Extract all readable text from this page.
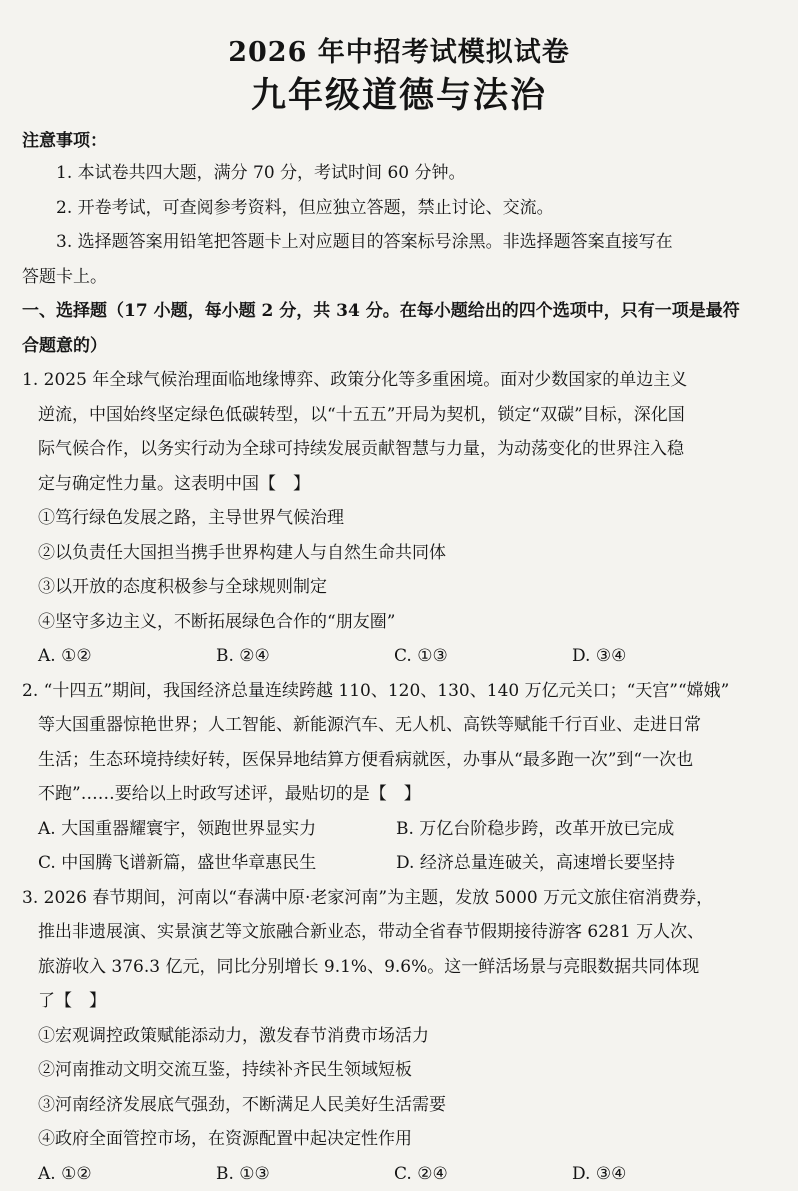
2026 年中招考试模拟试卷
九年级道德与法治
注意事项：
1. 本试卷共四大题，满分 70 分，考试时间 60 分钟。
2. 开卷考试，可查阅参考资料，但应独立答题，禁止讨论、交流。
3. 选择题答案用铅笔把答题卡上对应题目的答案标号涂黑。非选择题答案直接写在
答题卡上。
一、选择题（17 小题，每小题 2 分，共 34 分。在每小题给出的四个选项中，只有一项是最符
合题意的）
1. 2025 年全球气候治理面临地缘博弈、政策分化等多重困境。面对少数国家的单边主义
逆流，中国始终坚定绿色低碳转型，以“十五五”开局为契机，锁定“双碳”目标，深化国
际气候合作，以务实行动为全球可持续发展贡献智慧与力量，为动荡变化的世界注入稳
定与确定性力量。这表明中国【　】
①笃行绿色发展之路，主导世界气候治理
②以负责任大国担当携手世界构建人与自然生命共同体
③以开放的态度积极参与全球规则制定
④坚守多边主义，不断拓展绿色合作的“朋友圈”
A. ①②	B. ②④	C. ①③	D. ③④
2. “十四五”期间，我国经济总量连续跨越 110、120、130、140 万亿元关口；“天宫”“嫦娥”
等大国重器惊艳世界；人工智能、新能源汽车、无人机、高铁等赋能千行百业、走进日常
生活；生态环境持续好转，医保异地结算方便看病就医，办事从“最多跑一次”到“一次也
不跑”……要给以上时政写述评，最贴切的是【　】
A. 大国重器耀寰宇，领跑世界显实力	B. 万亿台阶稳步跨，改革开放已完成
C. 中国腾飞谱新篇，盛世华章惠民生	D. 经济总量连破关，高速增长要坚持
3. 2026 春节期间，河南以“春满中原·老家河南”为主题，发放 5000 万元文旅住宿消费券，
推出非遗展演、实景演艺等文旅融合新业态，带动全省春节假期接待游客 6281 万人次、
旅游收入 376.3 亿元，同比分别增长 9.1%、9.6%。这一鲜活场景与亮眼数据共同体现
了【　】
①宏观调控政策赋能添动力，激发春节消费市场活力
②河南推动文明交流互鉴，持续补齐民生领域短板
③河南经济发展底气强劲，不断满足人民美好生活需要
④政府全面管控市场，在资源配置中起决定性作用
A. ①②	B. ①③	C. ②④	D. ③④
